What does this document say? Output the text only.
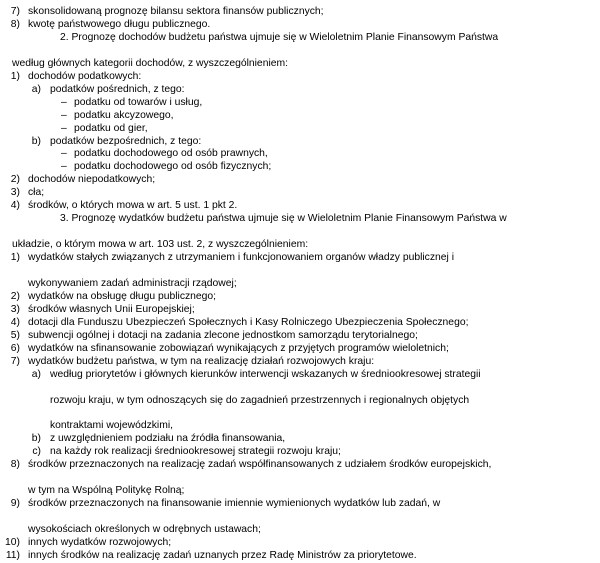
7) skonsolidowaną prognozę bilansu sektora finansów publicznych;
8) kwotę państwowego długu publicznego.
2. Prognozę dochodów budżetu państwa ujmuje się w Wieloletnim Planie Finansowym Państwa
według głównych kategorii dochodów, z wyszczególnieniem:
1) dochodów podatkowych:
a) podatków pośrednich, z tego:
– podatku od towarów i usług,
– podatku akcyzowego,
– podatku od gier,
b) podatków bezpośrednich, z tego:
– podatku dochodowego od osób prawnych,
– podatku dochodowego od osób fizycznych;
2) dochodów niepodatkowych;
3) cła;
4) środków, o których mowa w art. 5 ust. 1 pkt 2.
3. Prognozę wydatków budżetu państwa ujmuje się w Wieloletnim Planie Finansowym Państwa w
układzie, o którym mowa w art. 103 ust. 2, z wyszczególnieniem:
1) wydatków stałych związanych z utrzymaniem i funkcjonowaniem organów władzy publicznej i
wykonywaniem zadań administracji rządowej;
2) wydatków na obsługę długu publicznego;
3) środków własnych Unii Europejskiej;
4) dotacji dla Funduszu Ubezpieczeń Społecznych i Kasy Rolniczego Ubezpieczenia Społecznego;
5) subwencji ogólnej i dotacji na zadania zlecone jednostkom samorządu terytorialnego;
6) wydatków na sfinansowanie zobowiązań wynikających z przyjętych programów wieloletnich;
7) wydatków budżetu państwa, w tym na realizację działań rozwojowych kraju:
a) według priorytetów i głównych kierunków interwencji wskazanych w średniookresowej strategii
rozwoju kraju, w tym odnoszących się do zagadnień przestrzennych i regionalnych objętych
kontraktami wojewódzkimi,
b) z uwzględnieniem podziału na źródła finansowania,
c) na każdy rok realizacji średniookresowej strategii rozwoju kraju;
8) środków przeznaczonych na realizację zadań współfinansowanych z udziałem środków europejskich,
w tym na Wspólną Politykę Rolną;
9) środków przeznaczonych na finansowanie imiennie wymienionych wydatków lub zadań, w
wysokościach określonych w odrębnych ustawach;
10) innych wydatków rozwojowych;
11) innych środków na realizację zadań uznanych przez Radę Ministrów za priorytetowe.
